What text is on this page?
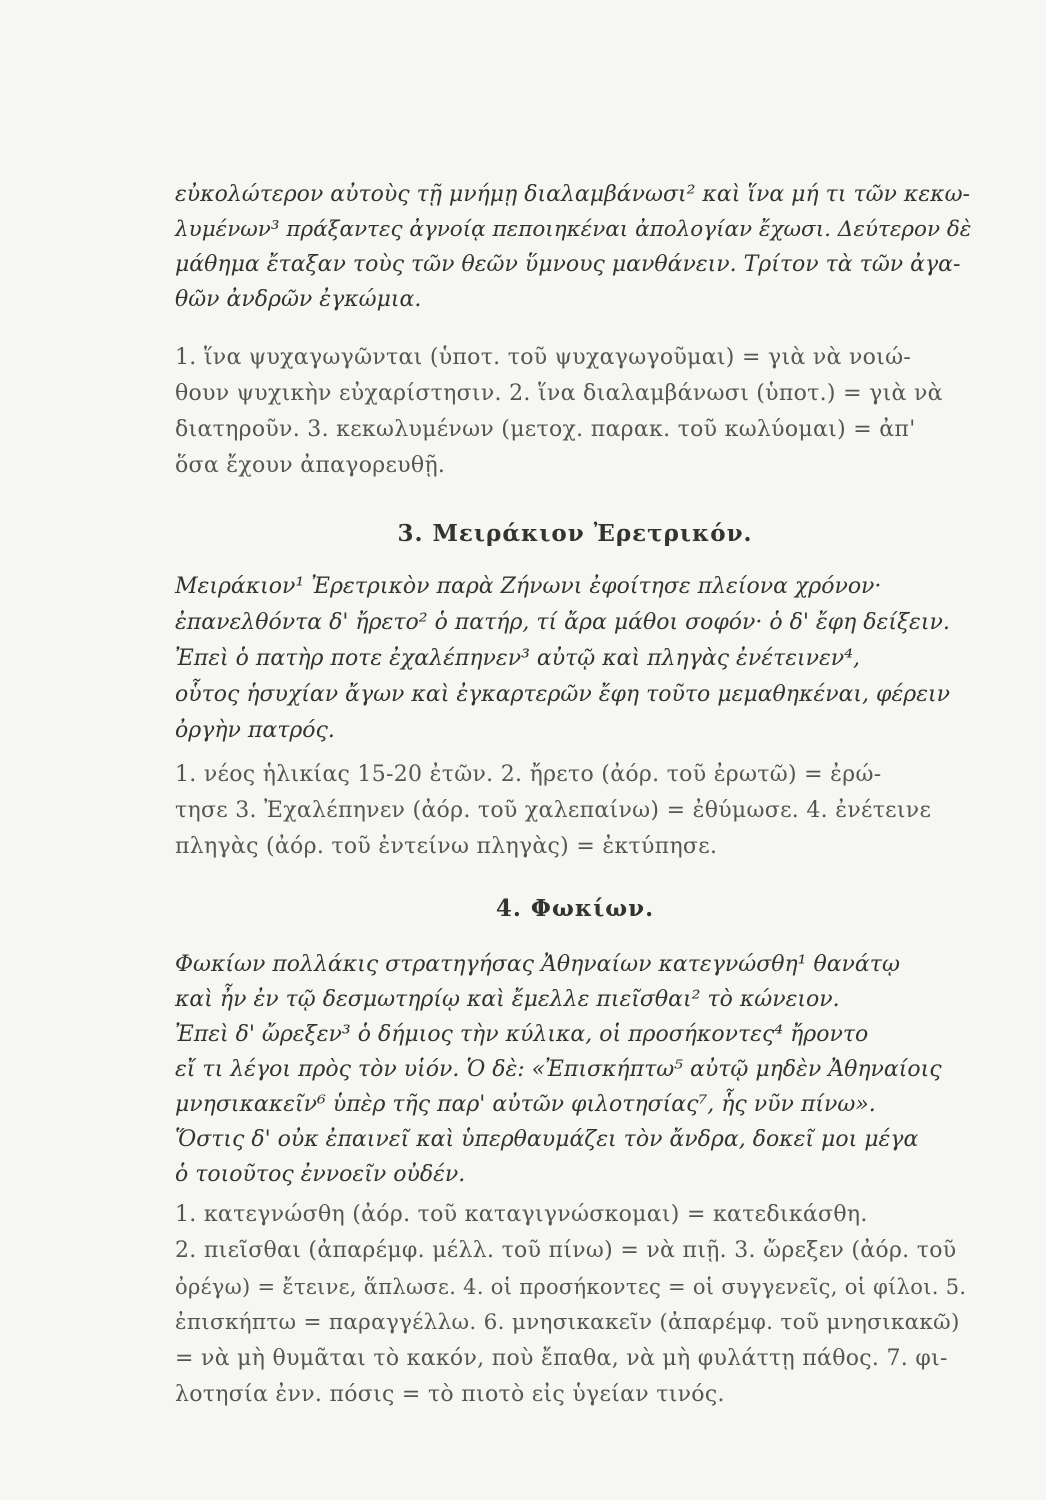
εὐκολώτερον αὐτοὺς τῇ μνήμῃ διαλαμβάνωσι² καὶ ἵνα μή τι τῶν κεκω-
λυμένων³ πράξαντες ἀγνοίᾳ πεποιηκέναι ἀπολογίαν ἔχωσι. Δεύτερον δὲ
μάθημα ἔταξαν τοὺς τῶν θεῶν ὕμνους μανθάνειν. Τρίτον τὰ τῶν ἀγα-
θῶν ἀνδρῶν ἐγκώμια.
1. ἵνα ψυχαγωγῶνται (ὑποτ. τοῦ ψυχαγωγοῦμαι) = γιὰ νὰ νοιώ-
θουν ψυχικὴν εὐχαρίστησιν. 2. ἵνα διαλαμβάνωσι (ὑποτ.) = γιὰ νὰ
διατηροῦν. 3. κεκωλυμένων (μετοχ. παρακ. τοῦ κωλύομαι) = ἀπ'
ὅσα ἔχουν ἀπαγορευθῇ.
3. Μειράκιον Ἐρετρικόν.
Μειράκιον¹ Ἐρετρικὸν παρὰ Ζήνωνι ἐφοίτησε πλείονα χρόνον·
ἐπανελθόντα δ' ἤρετο² ὁ πατήρ, τί ἄρα μάθοι σοφόν· ὁ δ' ἔφη δείξειν.
Ἐπεὶ ὁ πατὴρ ποτε ἐχαλέπηνεν³ αὐτῷ καὶ πληγὰς ἐνέτεινεν⁴,
οὗτος ἡσυχίαν ἄγων καὶ ἐγκαρτερῶν ἔφη τοῦτο μεμαθηκέναι, φέρειν
ὀργὴν πατρός.
1. νέος ἡλικίας 15-20 ἐτῶν. 2. ἤρετο (ἀόρ. τοῦ ἐρωτῶ) = ἐρώ-
τησε 3. Ἐχαλέπηνεν (ἀόρ. τοῦ χαλεπαίνω) = ἐθύμωσε. 4. ἐνέτεινε
πληγὰς (ἀόρ. τοῦ ἐντείνω πληγὰς) = ἐκτύπησε.
4. Φωκίων.
Φωκίων πολλάκις στρατηγήσας Ἀθηναίων κατεγνώσθη¹ θανάτῳ
καὶ ἦν ἐν τῷ δεσμωτηρίῳ καὶ ἔμελλε πιεῖσθαι² τὸ κώνειον.
Ἐπεὶ δ' ὤρεξεν³ ὁ δήμιος τὴν κύλικα, οἱ προσήκοντες⁴ ἤροντο
εἴ τι λέγοι πρὸς τὸν υἱόν. Ὁ δὲ: «Ἐπισκήπτω⁵ αὐτῷ μηδὲν Ἀθηναίοις
μνησικακεῖν⁶ ὑπὲρ τῆς παρ' αὐτῶν φιλοτησίας⁷, ἧς νῦν πίνω».
Ὅστις δ' οὐκ ἐπαινεῖ καὶ ὑπερθαυμάζει τὸν ἄνδρα, δοκεῖ μοι μέγα
ὁ τοιοῦτος ἐννοεῖν οὐδέν.
1. κατεγνώσθη (ἀόρ. τοῦ καταγιγνώσκομαι) = κατεδικάσθη.
2. πιεῖσθαι (ἀπαρέμφ. μέλλ. τοῦ πίνω) = νὰ πιῇ. 3. ὤρεξεν (ἀόρ. τοῦ
ὀρέγω) = ἔτεινε, ἅπλωσε. 4. οἱ προσήκοντες = οἱ συγγενεῖς, οἱ φίλοι. 5.
ἐπισκήπτω = παραγγέλλω. 6. μνησικακεῖν (ἀπαρέμφ. τοῦ μνησικακῶ)
= νὰ μὴ θυμᾶται τὸ κακόν, ποὺ ἔπαθα, νὰ μὴ φυλάττῃ πάθος. 7. φι-
λοτησία ἐνν. πόσις = τὸ πιοτὸ εἰς ὑγείαν τινός.
